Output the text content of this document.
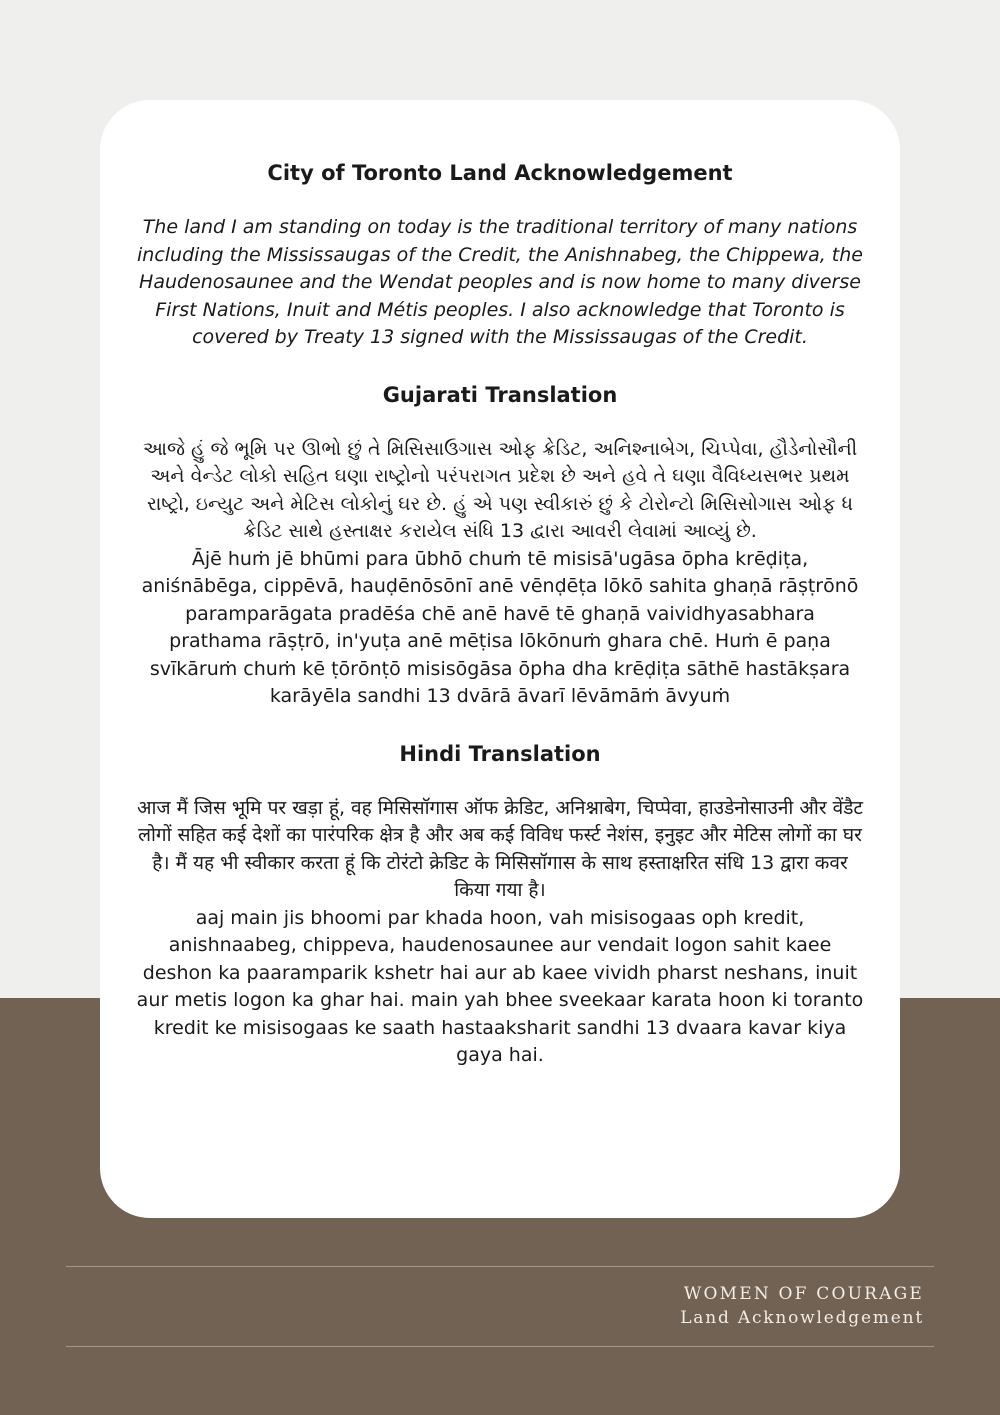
City of Toronto Land Acknowledgement

The land I am standing on today is the traditional territory of many nations including the Mississaugas of the Credit, the Anishnabeg, the Chippewa, the Haudenosaunee and the Wendat peoples and is now home to many diverse First Nations, Inuit and Métis peoples. I also acknowledge that Toronto is covered by Treaty 13 signed with the Mississaugas of the Credit.

Gujarati Translation

આજે હું જે ભૂમિ પર ઊભો છું તે મિસિસાઉગાસ ઓફ ક્રેડિટ, અનિશ્નાબેગ, ચિપ્પેવા, હૌડેનોસૌની અને વેન્ડેટ લોકો સહિત ઘણા રાષ્ટ્રોનો પરંપરાગત પ્રદેશ છે અને હવે તે ઘણા વૈવિધ્યસભર પ્રથમ રાષ્ટ્રો, ઇન્યુટ અને મેટિસ લોકોનું ઘર છે. હું એ પણ સ્વીકારું છું કે ટોરોન્ટો મિસિસોગાસ ઓફ ધ ક્રેડિટ સાથે હસ્તાક્ષર કરાયેલ સંધિ 13 દ્વારા આવરી લેવામાં આવ્યું છે.

Ājē huṁ jē bhūmi para ūbhō chuṁ tē misisā'ugāsa ōpha krēḍiṭa, aniśnābēga, cippēvā, hauḍēnōsōnī anē vēnḍēṭa lōkō sahita ghaṇā rāṣṭrōnō paramparāgata pradēśa chē anē havē tē ghaṇā vaividhyasabhara prathama rāṣṭrō, in'yuṭa anē mēṭisa lōkōnuṁ ghara chē. Huṁ ē paṇa svīkāruṁ chuṁ kē ṭōrōnṭō misisōgāsa ōpha dha krēḍiṭa sāthē hastākṣara karāyēla sandhi 13 dvārā āvarī lēvāmāṁ āvyuṁ

Hindi Translation

आज मैं जिस भूमि पर खड़ा हूं, वह मिसिसॉगास ऑफ क्रेडिट, अनिश्नाबेग, चिप्पेवा, हाउडेनोसाउनी और वेंडैट लोगों सहित कई देशों का पारंपरिक क्षेत्र है और अब कई विविध फर्स्ट नेशंस, इनुइट और मेटिस लोगों का घर है। मैं यह भी स्वीकार करता हूं कि टोरंटो क्रेडिट के मिसिसॉगास के साथ हस्ताक्षरित संधि 13 द्वारा कवर किया गया है।

aaj main jis bhoomi par khada hoon, vah misisogaas oph kredit, anishnaabeg, chippeva, haudenosaunee aur vendait logon sahit kaee deshon ka paaramparik kshetr hai aur ab kaee vividh pharst neshans, inuit aur metis logon ka ghar hai. main yah bhee sveekaar karata hoon ki toranto kredit ke misisogaas ke saath hastaaksharit sandhi 13 dvaara kavar kiya gaya hai.

WOMEN OF COURAGE
Land Acknowledgement
